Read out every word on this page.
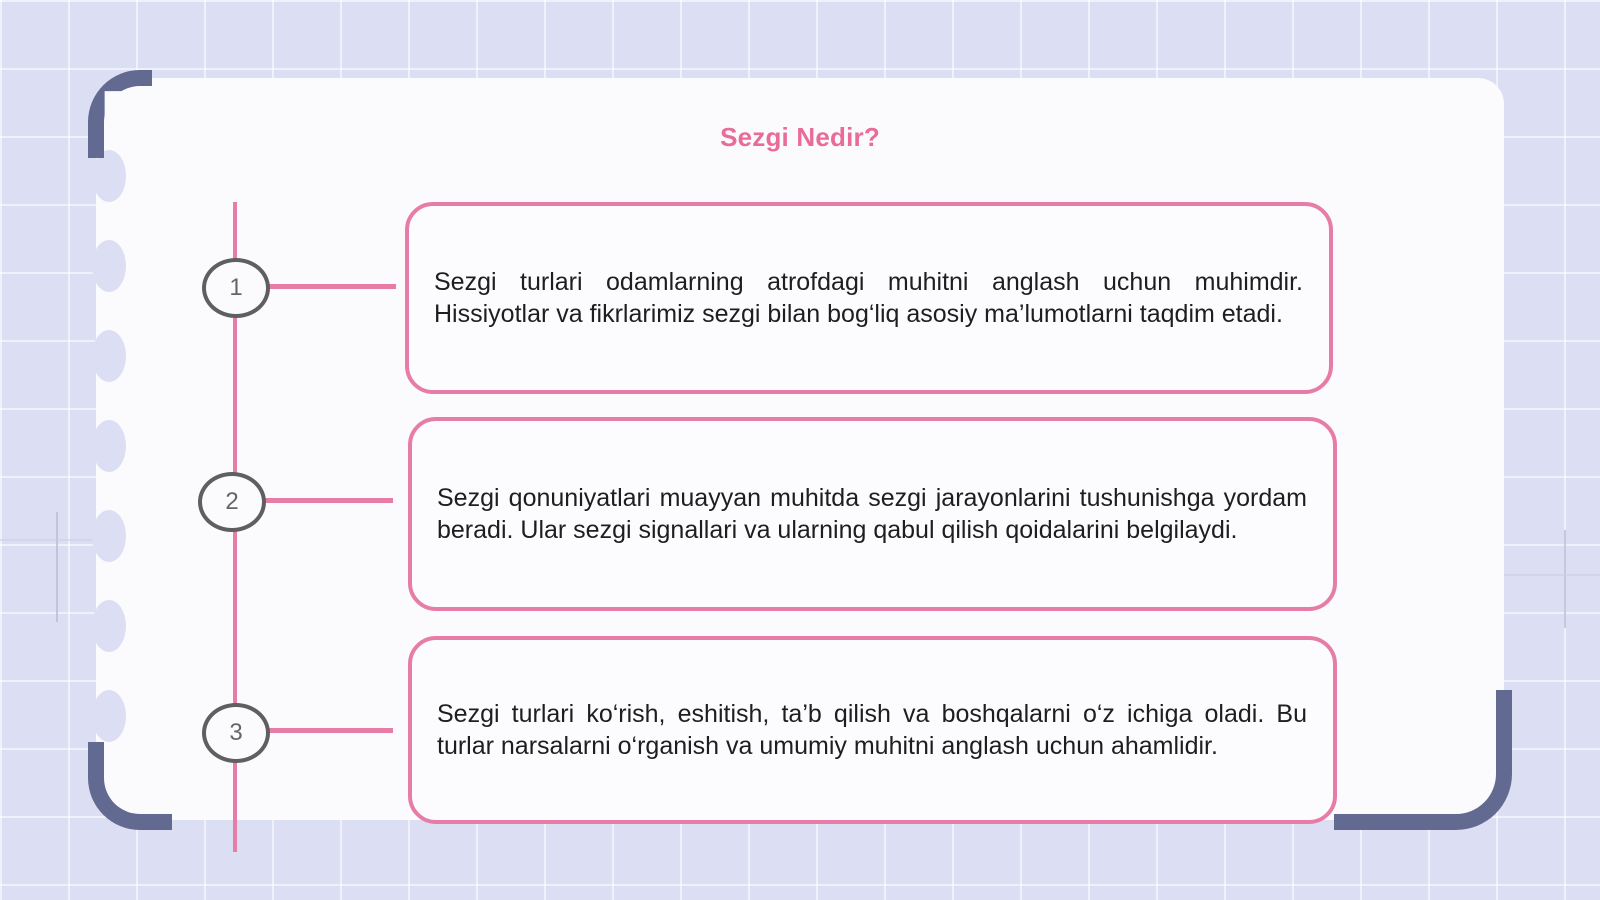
Sezgi Nedir?
1
2
3

Sezgi turlari odamlarning atrofdagi muhitni anglash uchun muhimdir. Hissiyotlar va fikrlarimiz sezgi bilan bog‘liq asosiy ma’lumotlarni taqdim etadi.

Sezgi qonuniyatlari muayyan muhitda sezgi jarayonlarini tushunishga yordam beradi. Ular sezgi signallari va ularning qabul qilish qoidalarini belgilaydi.

Sezgi turlari ko‘rish, eshitish, ta’b qilish va boshqalarni o‘z ichiga oladi. Bu turlar narsalarni o‘rganish va umumiy muhitni anglash uchun ahamlidir.
